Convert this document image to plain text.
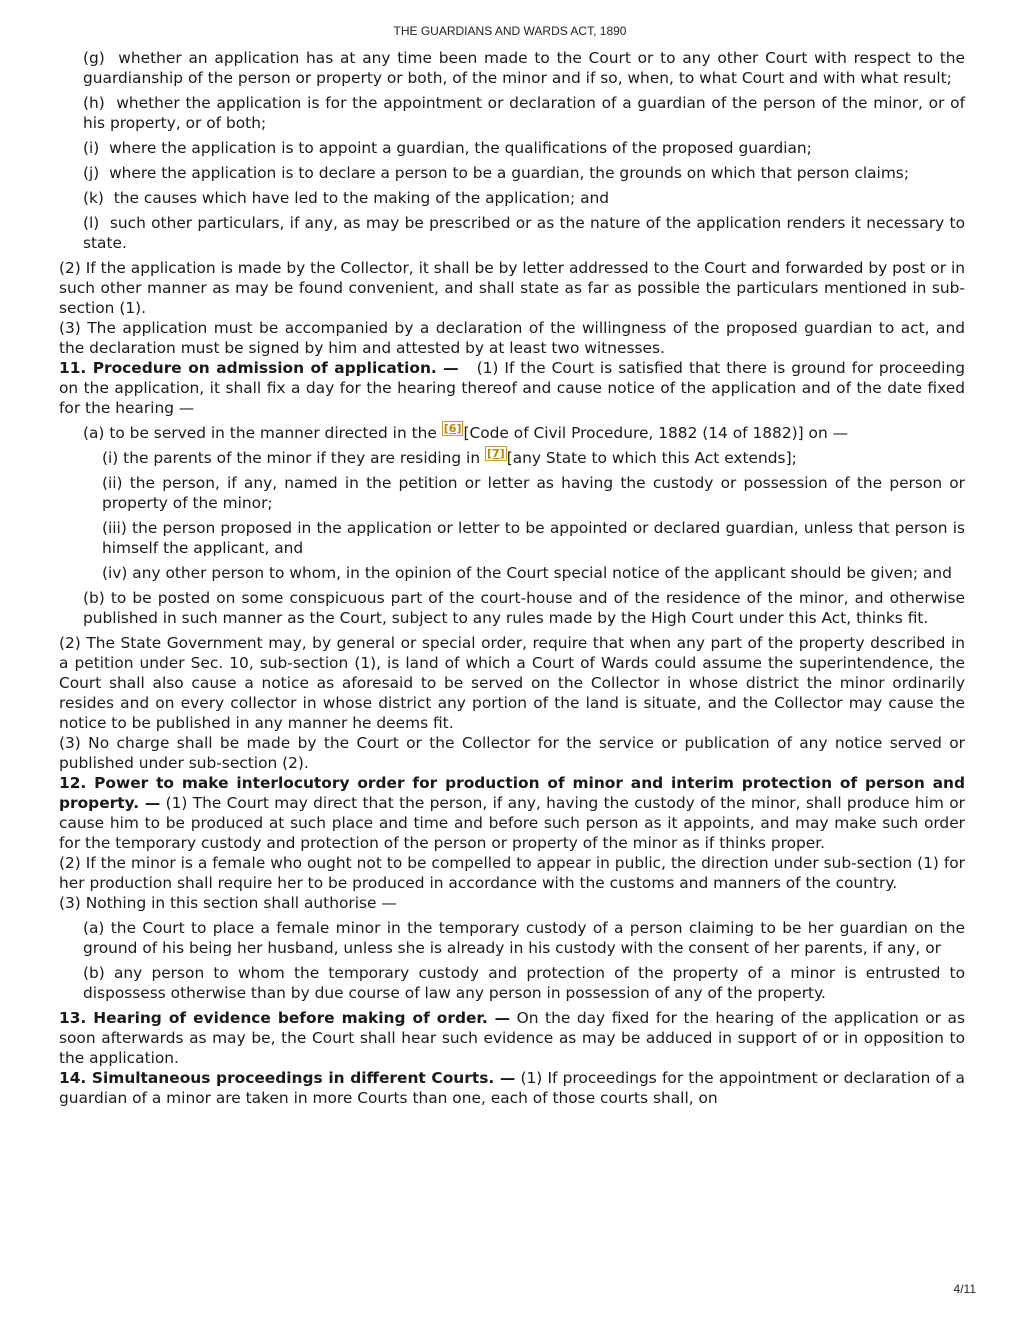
THE GUARDIANS AND WARDS ACT, 1890

(g) whether an application has at any time been made to the Court or to any other Court with respect to the guardianship of the person or property or both, of the minor and if so, when, to what Court and with what result;

(h) whether the application is for the appointment or declaration of a guardian of the person of the minor, or of his property, or of both;

(i) where the application is to appoint a guardian, the qualifications of the proposed guardian;

(j) where the application is to declare a person to be a guardian, the grounds on which that person claims;

(k) the causes which have led to the making of the application; and

(l) such other particulars, if any, as may be prescribed or as the nature of the application renders it necessary to state.

(2) If the application is made by the Collector, it shall be by letter addressed to the Court and forwarded by post or in such other manner as may be found convenient, and shall state as far as possible the particulars mentioned in sub-section (1).

(3) The application must be accompanied by a declaration of the willingness of the proposed guardian to act, and the declaration must be signed by him and attested by at least two witnesses.

11. Procedure on admission of application. — (1) If the Court is satisfied that there is ground for proceeding on the application, it shall fix a day for the hearing thereof and cause notice of the application and of the date fixed for the hearing —

(a) to be served in the manner directed in the [6] [Code of Civil Procedure, 1882 (14 of 1882)] on —

(i) the parents of the minor if they are residing in [7] [any State to which this Act extends];

(ii) the person, if any, named in the petition or letter as having the custody or possession of the person or property of the minor;

(iii) the person proposed in the application or letter to be appointed or declared guardian, unless that person is himself the applicant, and

(iv) any other person to whom, in the opinion of the Court special notice of the applicant should be given; and

(b) to be posted on some conspicuous part of the court-house and of the residence of the minor, and otherwise published in such manner as the Court, subject to any rules made by the High Court under this Act, thinks fit.

(2) The State Government may, by general or special order, require that when any part of the property described in a petition under Sec. 10, sub-section (1), is land of which a Court of Wards could assume the superintendence, the Court shall also cause a notice as aforesaid to be served on the Collector in whose district the minor ordinarily resides and on every collector in whose district any portion of the land is situate, and the Collector may cause the notice to be published in any manner he deems fit.

(3) No charge shall be made by the Court or the Collector for the service or publication of any notice served or published under sub-section (2).

12. Power to make interlocutory order for production of minor and interim protection of person and property. — (1) The Court may direct that the person, if any, having the custody of the minor, shall produce him or cause him to be produced at such place and time and before such person as it appoints, and may make such order for the temporary custody and protection of the person or property of the minor as if thinks proper.

(2) If the minor is a female who ought not to be compelled to appear in public, the direction under sub-section (1) for her production shall require her to be produced in accordance with the customs and manners of the country.

(3) Nothing in this section shall authorise —

(a) the Court to place a female minor in the temporary custody of a person claiming to be her guardian on the ground of his being her husband, unless she is already in his custody with the consent of her parents, if any, or

(b) any person to whom the temporary custody and protection of the property of a minor is entrusted to dispossess otherwise than by due course of law any person in possession of any of the property.

13. Hearing of evidence before making of order. — On the day fixed for the hearing of the application or as soon afterwards as may be, the Court shall hear such evidence as may be adduced in support of or in opposition to the application.

14. Simultaneous proceedings in different Courts. — (1) If proceedings for the appointment or declaration of a guardian of a minor are taken in more Courts than one, each of those courts shall, on

4/11
